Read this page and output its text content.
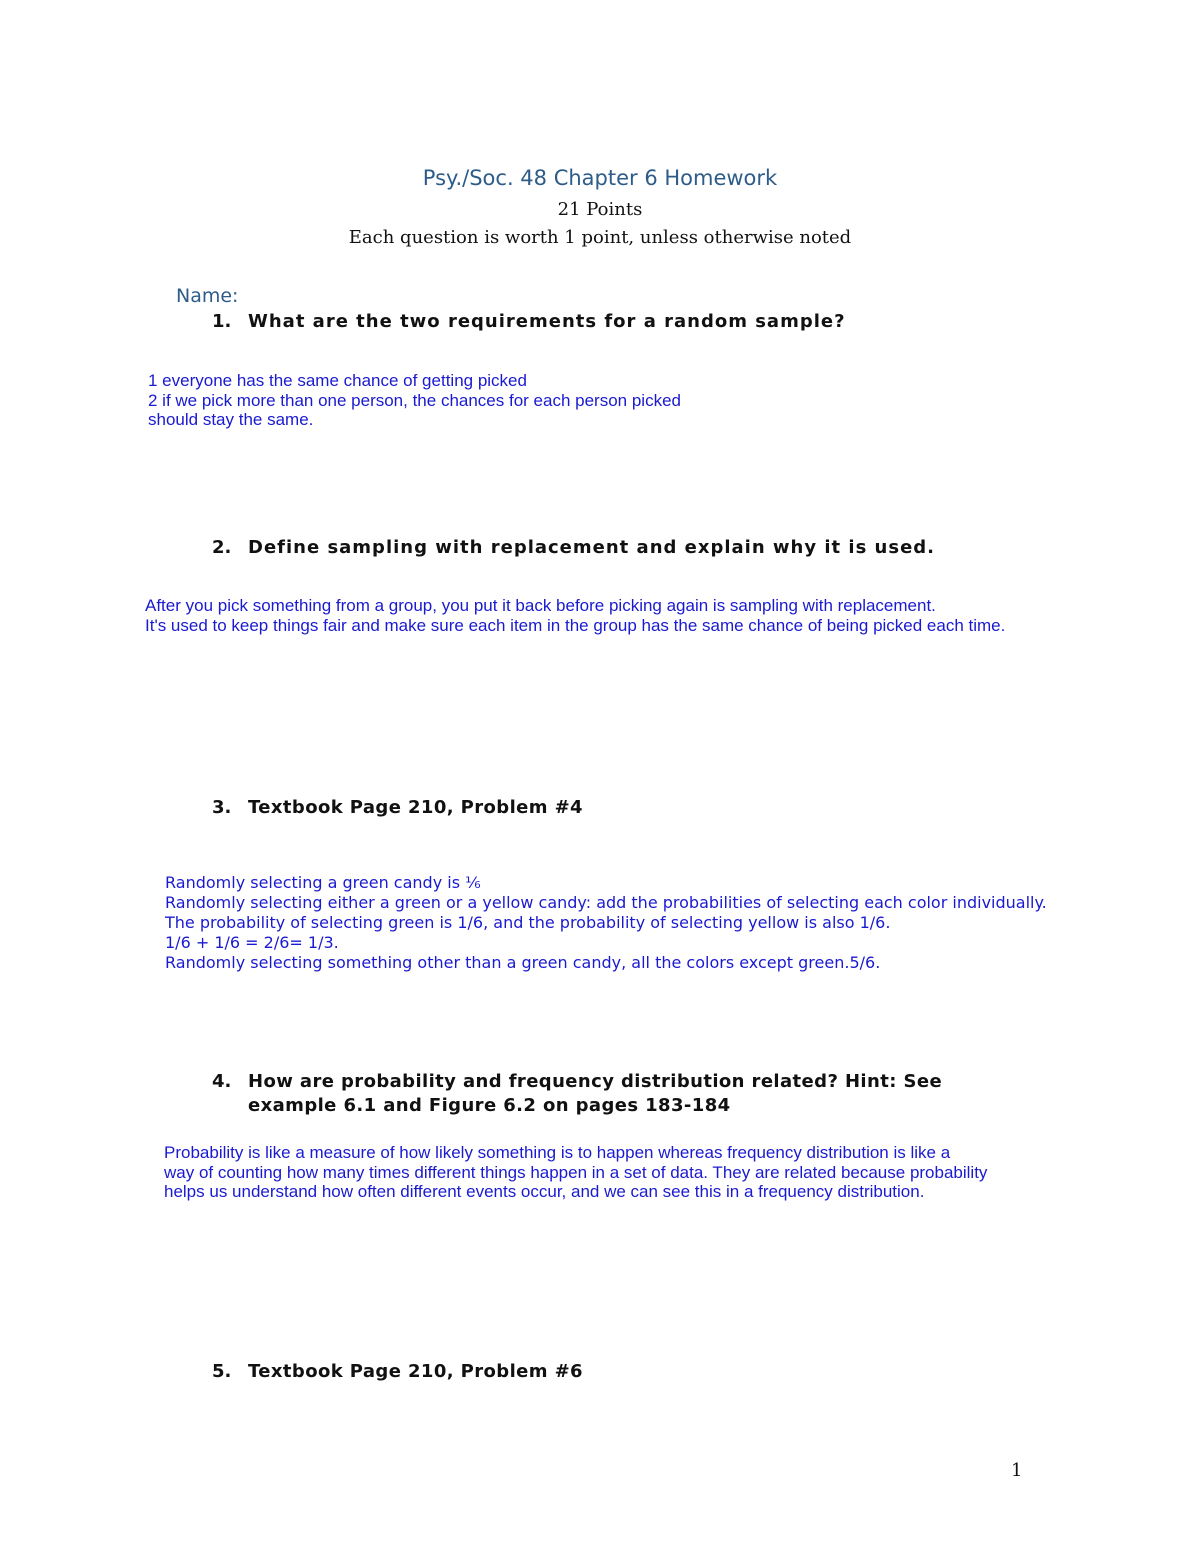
Psy./Soc. 48 Chapter 6 Homework
21 Points
Each question is worth 1 point, unless otherwise noted
Name:
1. What are the two requirements for a random sample?
1 everyone has the same chance of getting picked
2 if we pick more than one person, the chances for each person picked
should stay the same.
2. Define sampling with replacement and explain why it is used.
After you pick something from a group, you put it back before picking again is sampling with replacement.
It's used to keep things fair and make sure each item in the group has the same chance of being picked each time.
3. Textbook Page 210, Problem #4
Randomly selecting a green candy is ⅙
Randomly selecting either a green or a yellow candy: add the probabilities of selecting each color individually.
The probability of selecting green is 1/6, and the probability of selecting yellow is also 1/6.
1/6 + 1/6 = 2/6= 1/3.
Randomly selecting something other than a green candy, all the colors except green.5/6.
4. How are probability and frequency distribution related? Hint: See
example 6.1 and Figure 6.2 on pages 183-184
Probability is like a measure of how likely something is to happen whereas frequency distribution is like a
way of counting how many times different things happen in a set of data. They are related because probability
helps us understand how often different events occur, and we can see this in a frequency distribution.
5. Textbook Page 210, Problem #6
1
